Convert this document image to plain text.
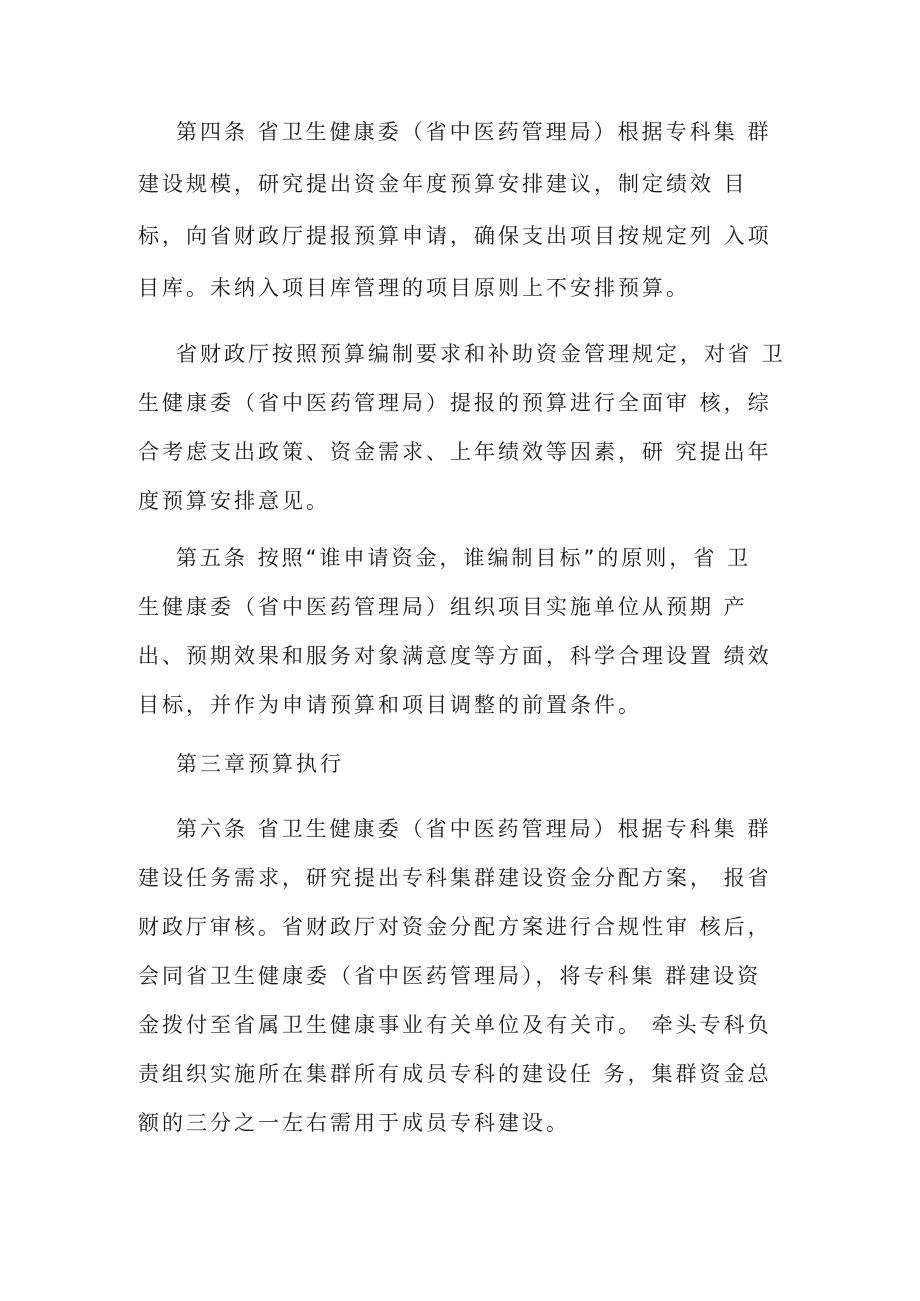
第四条 省卫生健康委（省中医药管理局）根据专科集 群
建设规模，研究提出资金年度预算安排建议，制定绩效 目
标，向省财政厅提报预算申请，确保支出项目按规定列 入项
目库。未纳入项目库管理的项目原则上不安排预算。
省财政厅按照预算编制要求和补助资金管理规定，对省 卫
生健康委（省中医药管理局）提报的预算进行全面审 核，综
合考虑支出政策、资金需求、上年绩效等因素，研 究提出年
度预算安排意见。
第五条 按照“谁申请资金，谁编制目标”的原则，省 卫
生健康委（省中医药管理局）组织项目实施单位从预期 产
出、预期效果和服务对象满意度等方面，科学合理设置 绩效
目标，并作为申请预算和项目调整的前置条件。
第三章预算执行
第六条 省卫生健康委（省中医药管理局）根据专科集 群
建设任务需求，研究提出专科集群建设资金分配方案， 报省
财政厅审核。省财政厅对资金分配方案进行合规性审 核后，
会同省卫生健康委（省中医药管理局），将专科集 群建设资
金拨付至省属卫生健康事业有关单位及有关市。 牵头专科负
责组织实施所在集群所有成员专科的建设任 务，集群资金总
额的三分之一左右需用于成员专科建设。
